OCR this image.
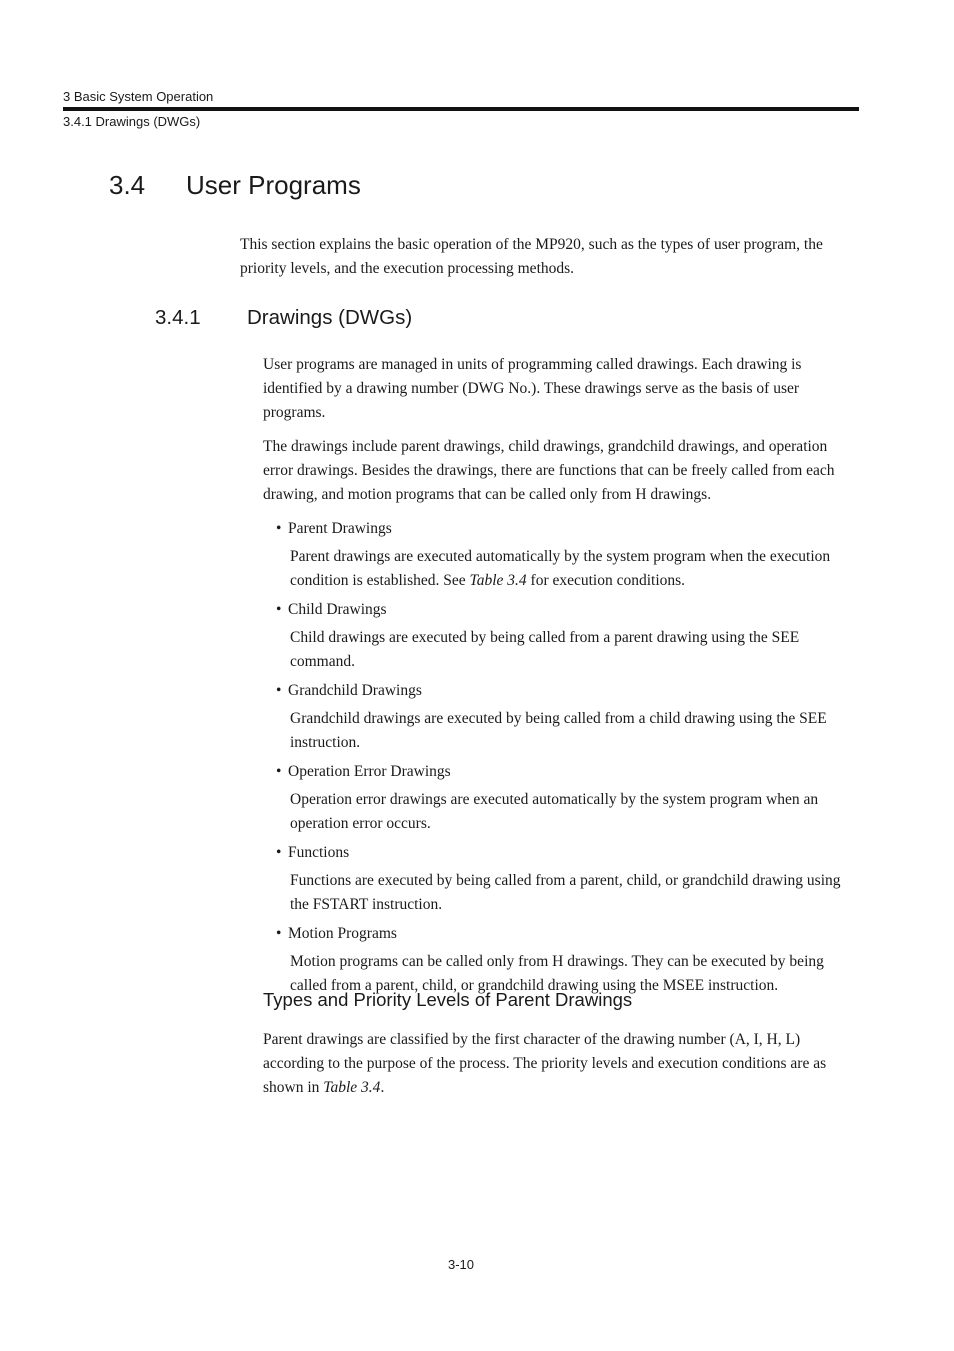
3 Basic System Operation
3.4.1 Drawings (DWGs)
3.4 User Programs

This section explains the basic operation of the MP920, such as the types of user program, the priority levels, and the execution processing methods.

3.4.1 Drawings (DWGs)

User programs are managed in units of programming called drawings. Each drawing is identified by a drawing number (DWG No.). These drawings serve as the basis of user programs.

The drawings include parent drawings, child drawings, grandchild drawings, and operation error drawings. Besides the drawings, there are functions that can be freely called from each drawing, and motion programs that can be called only from H drawings.

• Parent Drawings
Parent drawings are executed automatically by the system program when the execution condition is established. See Table 3.4 for execution conditions.
• Child Drawings
Child drawings are executed by being called from a parent drawing using the SEE command.
• Grandchild Drawings
Grandchild drawings are executed by being called from a child drawing using the SEE instruction.
• Operation Error Drawings
Operation error drawings are executed automatically by the system program when an operation error occurs.
• Functions
Functions are executed by being called from a parent, child, or grandchild drawing using the FSTART instruction.
• Motion Programs
Motion programs can be called only from H drawings. They can be executed by being called from a parent, child, or grandchild drawing using the MSEE instruction.
Types and Priority Levels of Parent Drawings

Parent drawings are classified by the first character of the drawing number (A, I, H, L) according to the purpose of the process. The priority levels and execution conditions are as shown in Table 3.4.

3-10
